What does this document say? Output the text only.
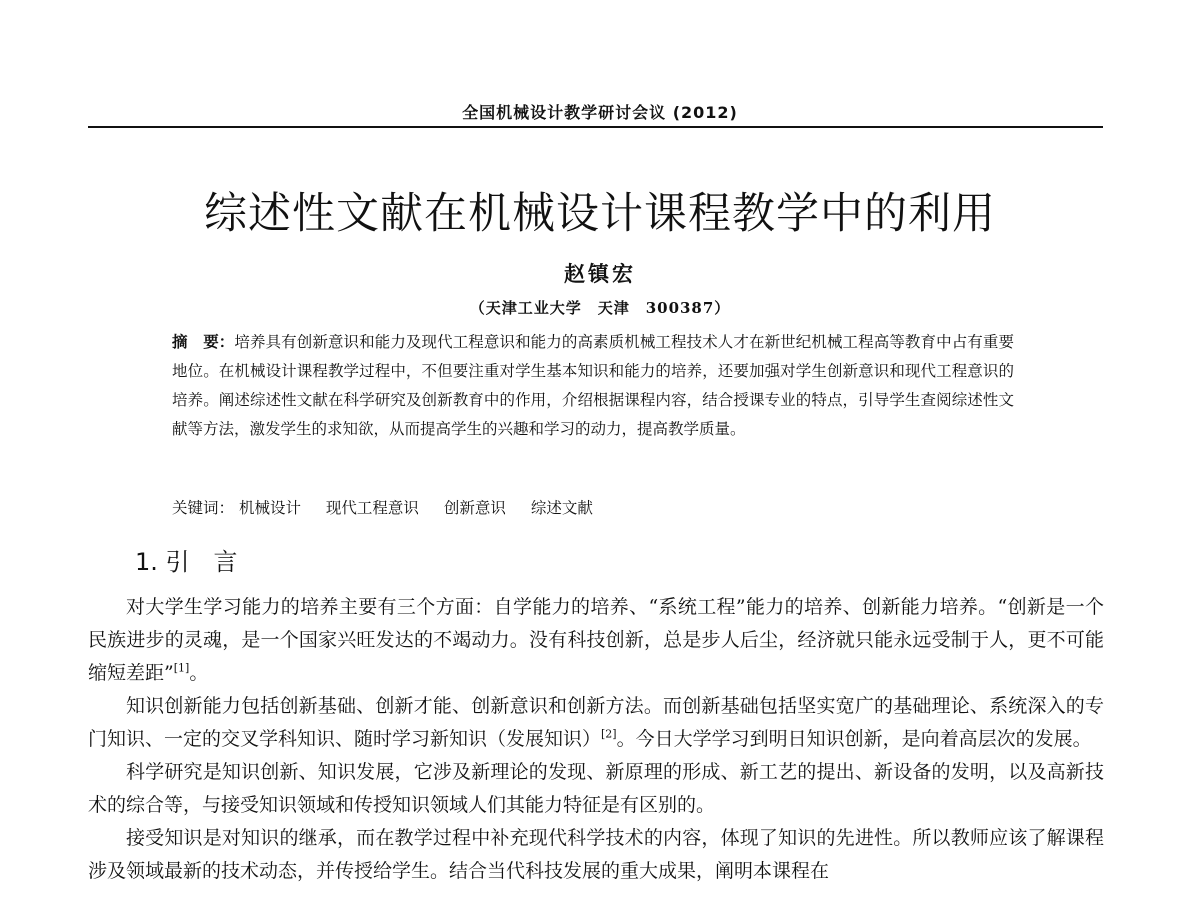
全国机械设计教学研讨会议 (2012)
综述性文献在机械设计课程教学中的利用
赵镇宏
（天津工业大学　天津　300387）
摘　要：培养具有创新意识和能力及现代工程意识和能力的高素质机械工程技术人才在新世纪机械工程高等教育中占有重要地位。在机械设计课程教学过程中，不但要注重对学生基本知识和能力的培养，还要加强对学生创新意识和现代工程意识的培养。阐述综述性文献在科学研究及创新教育中的作用，介绍根据课程内容，结合授课专业的特点，引导学生查阅综述性文献等方法，激发学生的求知欲，从而提高学生的兴趣和学习的动力，提高教学质量。
关键词： 机械设计 现代工程意识 创新意识 综述文献
1. 引　言

对大学生学习能力的培养主要有三个方面：自学能力的培养、“系统工程”能力的培养、创新能力培养。“创新是一个民族进步的灵魂，是一个国家兴旺发达的不竭动力。没有科技创新，总是步人后尘，经济就只能永远受制于人，更不可能缩短差距”[1]。

知识创新能力包括创新基础、创新才能、创新意识和创新方法。而创新基础包括坚实宽广的基础理论、系统深入的专门知识、一定的交叉学科知识、随时学习新知识（发展知识）[2]。今日大学学习到明日知识创新，是向着高层次的发展。

科学研究是知识创新、知识发展，它涉及新理论的发现、新原理的形成、新工艺的提出、新设备的发明，以及高新技术的综合等，与接受知识领域和传授知识领域人们其能力特征是有区别的。

接受知识是对知识的继承，而在教学过程中补充现代科学技术的内容，体现了知识的先进性。所以教师应该了解课程涉及领域最新的技术动态，并传授给学生。结合当代科技发展的重大成果，阐明本课程在
